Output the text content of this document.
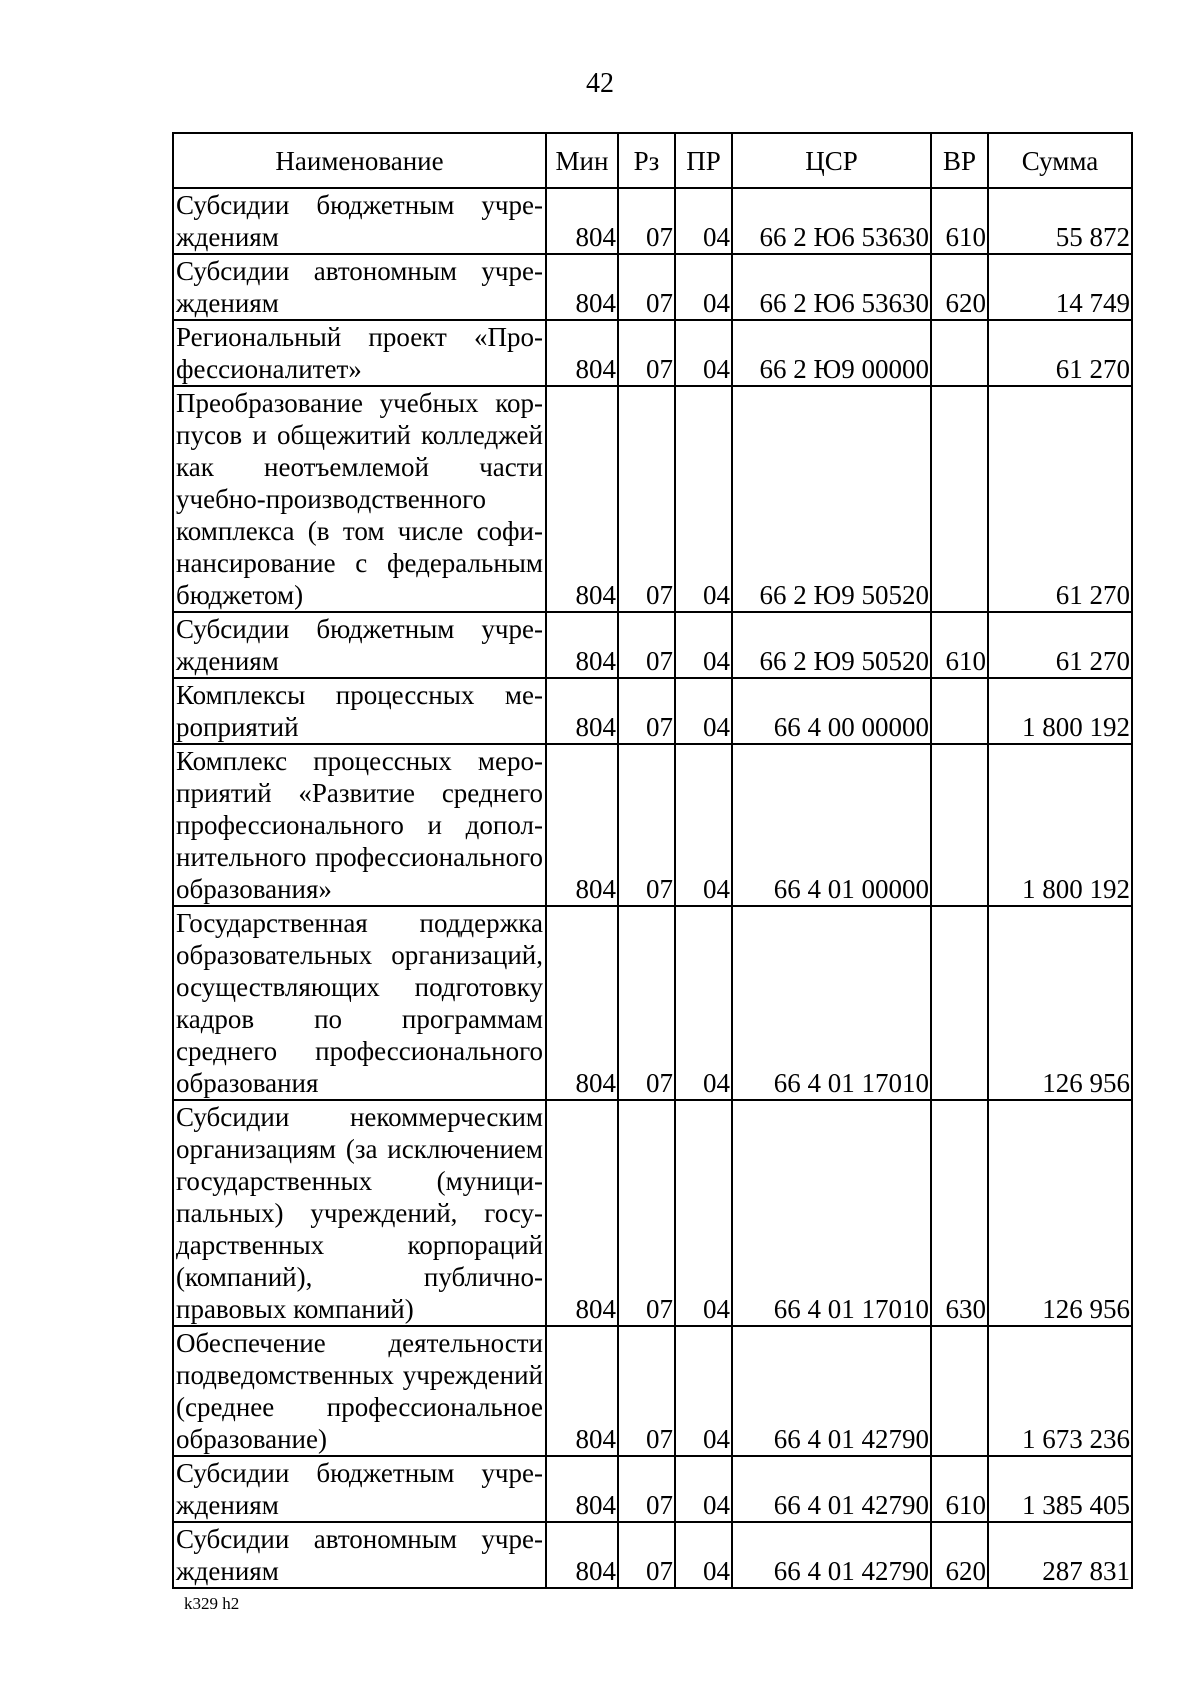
42
Наименование	Мин	Рз	ПР	ЦСР	ВР	Сумма
Субсидии бюджетным учреждениям	804	07	04	66 2 Ю6 53630	610	55 872
Субсидии автономным учреждениям	804	07	04	66 2 Ю6 53630	620	14 749
Региональный проект «Профессионалитет»	804	07	04	66 2 Ю9 00000		61 270
Преобразование учебных корпусов и общежитий колледжей как неотъемлемой части учебно-производственного комплекса (в том числе софинансирование с федеральным бюджетом)	804	07	04	66 2 Ю9 50520		61 270
Субсидии бюджетным учреждениям	804	07	04	66 2 Ю9 50520	610	61 270
Комплексы процессных мероприятий	804	07	04	66 4 00 00000		1 800 192
Комплекс процессных мероприятий «Развитие среднего профессионального и дополнительного профессионального образования»	804	07	04	66 4 01 00000		1 800 192
Государственная поддержка образовательных организаций, осуществляющих подготовку кадров по программам среднего профессионального образования	804	07	04	66 4 01 17010		126 956
Субсидии некоммерческим организациям (за исключением государственных (муниципальных) учреждений, государственных корпораций (компаний), публично-правовых компаний)	804	07	04	66 4 01 17010	630	126 956
Обеспечение деятельности подведомственных учреждений (среднее профессиональное образование)	804	07	04	66 4 01 42790		1 673 236
Субсидии бюджетным учреждениям	804	07	04	66 4 01 42790	610	1 385 405
Субсидии автономным учреждениям	804	07	04	66 4 01 42790	620	287 831
k329 h2
